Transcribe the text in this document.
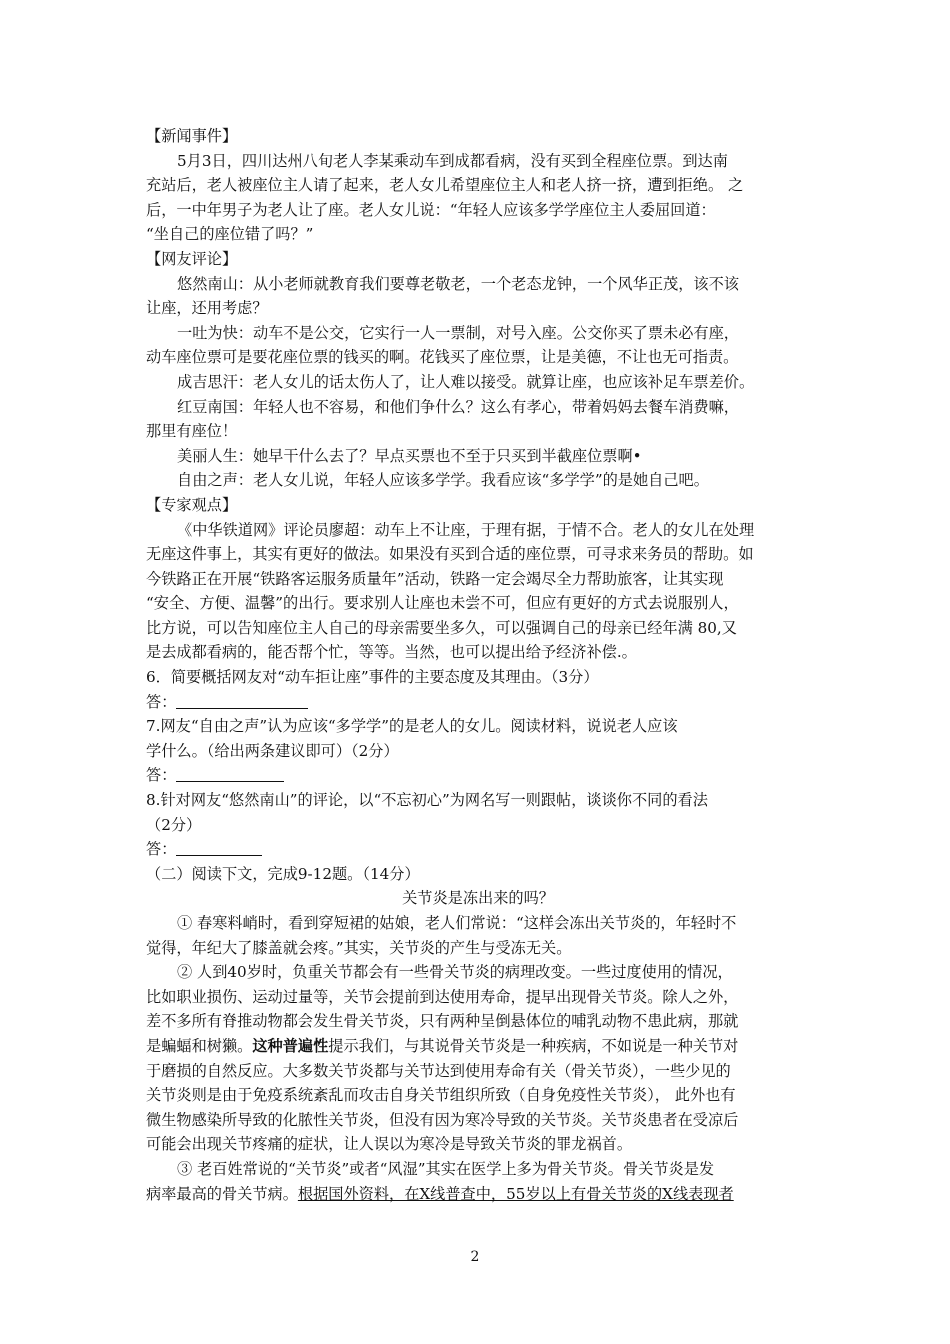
【新闻事件】
5月3日，四川达州八旬老人李某乘动车到成都看病，没有买到全程座位票。到达南
充站后，老人被座位主人请了起来，老人女儿希望座位主人和老人挤一挤，遭到拒绝。 之
后，一中年男子为老人让了座。老人女儿说：“年轻人应该多学学座位主人委屈回道：
“坐自己的座位错了吗？”
【网友评论】
悠然南山：从小老师就教育我们要尊老敬老，一个老态龙钟，一个风华正茂，该不该
让座，还用考虑？
一吐为快：动车不是公交，它实行一人一票制，对号入座。公交你买了票未必有座，
动车座位票可是要花座位票的钱买的啊。花钱买了座位票，让是美德，不让也无可指责。
成吉思汗：老人女儿的话太伤人了，让人难以接受。就算让座，也应该补足车票差价。
红豆南国：年轻人也不容易，和他们争什么？这么有孝心，带着妈妈去餐车消费嘛，
那里有座位！
美丽人生：她早干什么去了？早点买票也不至于只买到半截座位票啊•
自由之声：老人女儿说，年轻人应该多学学。我看应该“多学学”的是她自己吧。
【专家观点】
《中华铁道网》评论员廖超：动车上不让座，于理有据，于情不合。老人的女儿在处理
无座这件事上，其实有更好的做法。如果没有买到合适的座位票，可寻求来务员的帮助。如
今铁路正在开展“铁路客运服务质量年”活动，铁路一定会竭尽全力帮助旅客，让其实现
“安全、方便、温馨”的出行。要求别人让座也未尝不可，但应有更好的方式去说服别人，
比方说，可以告知座位主人自己的母亲需要坐多久，可以强调自己的母亲已经年满 80,又
是去成都看病的，能否帮个忙，等等。当然，也可以提出给予经济补偿.。
6．简要概括网友对“动车拒让座”事件的主要态度及其理由。（3分）
答：
7.网友“自由之声”认为应该“多学学”的是老人的女儿。阅读材料，说说老人应该
学什么。（给出两条建议即可）（2分）
答：
8.针对网友“悠然南山”的评论，以“不忘初心”为网名写一则跟帖，谈谈你不同的看法
（2分）
答：
（二）阅读下文，完成9-12题。（14分）
关节炎是冻出来的吗？
① 春寒料峭时，看到穿短裙的姑娘，老人们常说：“这样会冻出关节炎的，年轻时不
觉得，年纪大了膝盖就会疼。”其实，关节炎的产生与受冻无关。
② 人到40岁时，负重关节都会有一些骨关节炎的病理改变。一些过度使用的情况，
比如职业损伤、运动过量等，关节会提前到达使用寿命，提早出现骨关节炎。除人之外，
差不多所有脊推动物都会发生骨关节炎，只有两种呈倒悬体位的哺乳动物不患此病，那就
是蝙蝠和树獭。这种普遍性提示我们，与其说骨关节炎是一种疾病，不如说是一种关节对
于磨损的自然反应。大多数关节炎都与关节达到使用寿命有关（骨关节炎），一些少见的
关节炎则是由于免疫系统紊乱而攻击自身关节组织所致（自身免疫性关节炎）， 此外也有
微生物感染所导致的化脓性关节炎，但没有因为寒冷导致的关节炎。关节炎患者在受凉后
可能会出现关节疼痛的症状，让人误以为寒冷是导致关节炎的罪龙祸首。
③ 老百姓常说的“关节炎”或者“风湿”其实在医学上多为骨关节炎。骨关节炎是发
病率最高的骨关节病。根据国外资料，在X线普查中，55岁以上有骨关节炎的X线表现者
2
